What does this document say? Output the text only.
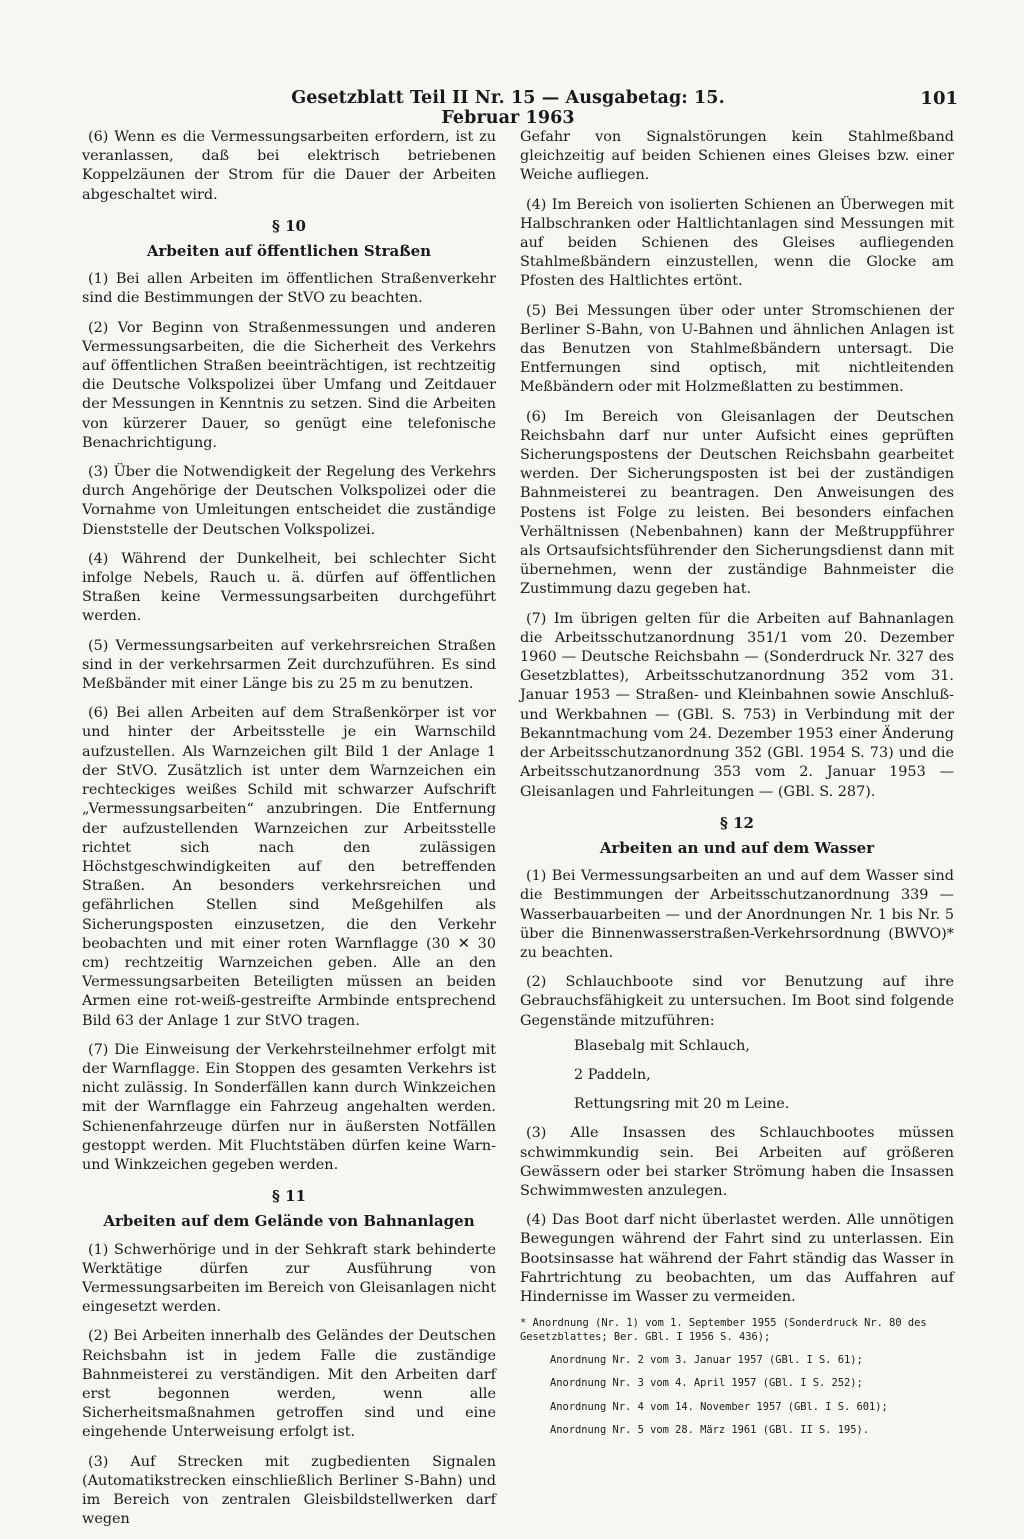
Gesetzblatt Teil II Nr. 15 — Ausgabetag: 15. Februar 1963
101

(6) Wenn es die Vermessungsarbeiten erfordern, ist zu veranlassen, daß bei elektrisch betriebenen Koppelzäunen der Strom für die Dauer der Arbeiten abgeschaltet wird.

§ 10
Arbeiten auf öffentlichen Straßen

(1) Bei allen Arbeiten im öffentlichen Straßenverkehr sind die Bestimmungen der StVO zu beachten.

(2) Vor Beginn von Straßenmessungen und anderen Vermessungsarbeiten, die die Sicherheit des Verkehrs auf öffentlichen Straßen beeinträchtigen, ist rechtzeitig die Deutsche Volkspolizei über Umfang und Zeitdauer der Messungen in Kenntnis zu setzen. Sind die Arbeiten von kürzerer Dauer, so genügt eine telefonische Benachrichtigung.

(3) Über die Notwendigkeit der Regelung des Verkehrs durch Angehörige der Deutschen Volkspolizei oder die Vornahme von Umleitungen entscheidet die zuständige Dienststelle der Deutschen Volkspolizei.

(4) Während der Dunkelheit, bei schlechter Sicht infolge Nebels, Rauch u. ä. dürfen auf öffentlichen Straßen keine Vermessungsarbeiten durchgeführt werden.

(5) Vermessungsarbeiten auf verkehrsreichen Straßen sind in der verkehrsarmen Zeit durchzuführen. Es sind Meßbänder mit einer Länge bis zu 25 m zu benutzen.

(6) Bei allen Arbeiten auf dem Straßenkörper ist vor und hinter der Arbeitsstelle je ein Warnschild aufzustellen. Als Warnzeichen gilt Bild 1 der Anlage 1 der StVO. Zusätzlich ist unter dem Warnzeichen ein rechteckiges weißes Schild mit schwarzer Aufschrift „Vermessungsarbeiten“ anzubringen. Die Entfernung der aufzustellenden Warnzeichen zur Arbeitsstelle richtet sich nach den zulässigen Höchstgeschwindigkeiten auf den betreffenden Straßen. An besonders verkehrsreichen und gefährlichen Stellen sind Meßgehilfen als Sicherungsposten einzusetzen, die den Verkehr beobachten und mit einer roten Warnflagge (30 ✕ 30 cm) rechtzeitig Warnzeichen geben. Alle an den Vermessungsarbeiten Beteiligten müssen an beiden Armen eine rot-weiß-gestreifte Armbinde entsprechend Bild 63 der Anlage 1 zur StVO tragen.

(7) Die Einweisung der Verkehrsteilnehmer erfolgt mit der Warnflagge. Ein Stoppen des gesamten Verkehrs ist nicht zulässig. In Sonderfällen kann durch Winkzeichen mit der Warnflagge ein Fahrzeug angehalten werden. Schienenfahrzeuge dürfen nur in äußersten Notfällen gestoppt werden. Mit Fluchtstäben dürfen keine Warn- und Winkzeichen gegeben werden.

§ 11
Arbeiten auf dem Gelände von Bahnanlagen

(1) Schwerhörige und in der Sehkraft stark behinderte Werktätige dürfen zur Ausführung von Vermessungsarbeiten im Bereich von Gleisanlagen nicht eingesetzt werden.

(2) Bei Arbeiten innerhalb des Geländes der Deutschen Reichsbahn ist in jedem Falle die zuständige Bahnmeisterei zu verständigen. Mit den Arbeiten darf erst begonnen werden, wenn alle Sicherheitsmaßnahmen getroffen sind und eine eingehende Unterweisung erfolgt ist.

(3) Auf Strecken mit zugbedienten Signalen (Automatikstrecken einschließlich Berliner S-Bahn) und im Bereich von zentralen Gleisbildstellwerken darf wegen

Gefahr von Signalstörungen kein Stahlmeßband gleichzeitig auf beiden Schienen eines Gleises bzw. einer Weiche aufliegen.

(4) Im Bereich von isolierten Schienen an Überwegen mit Halbschranken oder Haltlichtanlagen sind Messungen mit auf beiden Schienen des Gleises aufliegenden Stahlmeßbändern einzustellen, wenn die Glocke am Pfosten des Haltlichtes ertönt.

(5) Bei Messungen über oder unter Stromschienen der Berliner S-Bahn, von U-Bahnen und ähnlichen Anlagen ist das Benutzen von Stahlmeßbändern untersagt. Die Entfernungen sind optisch, mit nichtleitenden Meßbändern oder mit Holzmeßlatten zu bestimmen.

(6) Im Bereich von Gleisanlagen der Deutschen Reichsbahn darf nur unter Aufsicht eines geprüften Sicherungspostens der Deutschen Reichsbahn gearbeitet werden. Der Sicherungsposten ist bei der zuständigen Bahnmeisterei zu beantragen. Den Anweisungen des Postens ist Folge zu leisten. Bei besonders einfachen Verhältnissen (Nebenbahnen) kann der Meßtruppführer als Ortsaufsichtsführender den Sicherungsdienst dann mit übernehmen, wenn der zuständige Bahnmeister die Zustimmung dazu gegeben hat.

(7) Im übrigen gelten für die Arbeiten auf Bahnanlagen die Arbeitsschutzanordnung 351/1 vom 20. Dezember 1960 — Deutsche Reichsbahn — (Sonderdruck Nr. 327 des Gesetzblattes), Arbeitsschutzanordnung 352 vom 31. Januar 1953 — Straßen- und Kleinbahnen sowie Anschluß- und Werkbahnen — (GBl. S. 753) in Verbindung mit der Bekanntmachung vom 24. Dezember 1953 einer Änderung der Arbeitsschutzanordnung 352 (GBl. 1954 S. 73) und die Arbeitsschutzanordnung 353 vom 2. Januar 1953 — Gleisanlagen und Fahrleitungen — (GBl. S. 287).

§ 12
Arbeiten an und auf dem Wasser

(1) Bei Vermessungsarbeiten an und auf dem Wasser sind die Bestimmungen der Arbeitsschutzanordnung 339 — Wasserbauarbeiten — und der Anordnungen Nr. 1 bis Nr. 5 über die Binnenwasserstraßen-Verkehrsordnung (BWVO)* zu beachten.

(2) Schlauchboote sind vor Benutzung auf ihre Gebrauchsfähigkeit zu untersuchen. Im Boot sind folgende Gegenstände mitzuführen:

Blasebalg mit Schlauch,

2 Paddeln,

Rettungsring mit 20 m Leine.

(3) Alle Insassen des Schlauchbootes müssen schwimmkundig sein. Bei Arbeiten auf größeren Gewässern oder bei starker Strömung haben die Insassen Schwimmwesten anzulegen.

(4) Das Boot darf nicht überlastet werden. Alle unnötigen Bewegungen während der Fahrt sind zu unterlassen. Ein Bootsinsasse hat während der Fahrt ständig das Wasser in Fahrtrichtung zu beobachten, um das Auffahren auf Hindernisse im Wasser zu vermeiden.

* Anordnung (Nr. 1) vom 1. September 1955 (Sonderdruck Nr. 80 des Gesetzblattes; Ber. GBl. I 1956 S. 436);

Anordnung Nr. 2 vom 3. Januar 1957 (GBl. I S. 61);

Anordnung Nr. 3 vom 4. April 1957 (GBl. I S. 252);

Anordnung Nr. 4 vom 14. November 1957 (GBl. I S. 601);

Anordnung Nr. 5 vom 28. März 1961 (GBl. II S. 195).
